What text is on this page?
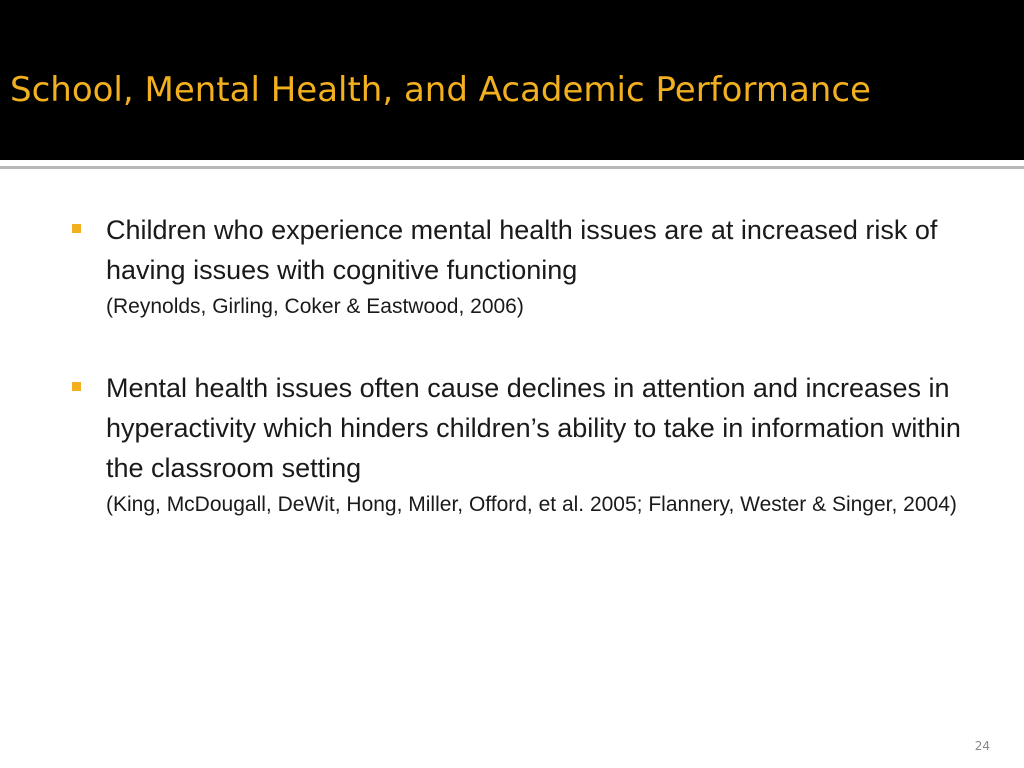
School, Mental Health, and Academic Performance

Children who experience mental health issues are at increased risk of having issues with cognitive functioning
(Reynolds, Girling, Coker & Eastwood, 2006)

Mental health issues often cause declines in attention and increases in hyperactivity which hinders children’s ability to take in information within the classroom setting
(King, McDougall, DeWit, Hong, Miller, Offord, et al. 2005; Flannery, Wester & Singer, 2004)

24
